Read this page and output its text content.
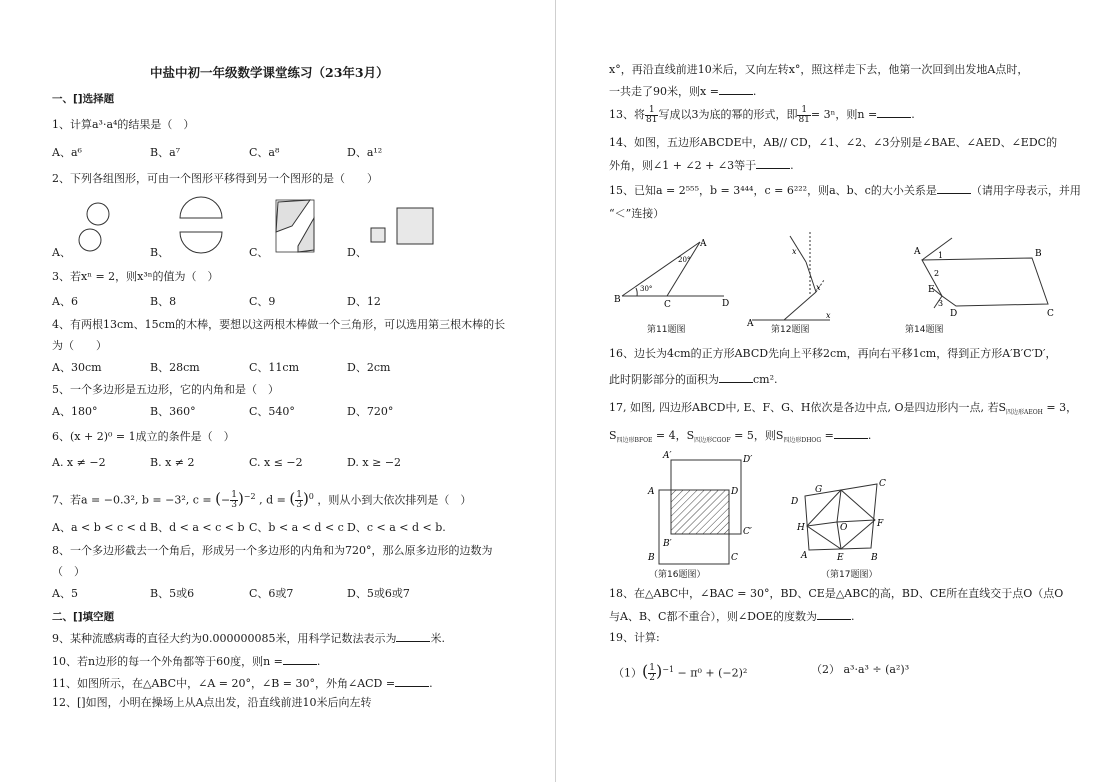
中盐中初一年级数学课堂练习（23年3月）
一、[]选择题
1、计算a³·a⁴的结果是（　）
A、a⁶	B、a⁷	C、a⁸	D、a¹²
2、下列各组图形，可由一个图形平移得到另一个图形的是（　　）
A、	B、	C、	D、
3、若xⁿ = 2，则x³ⁿ的值为（　）
A、6	B、8	C、9	D、12
4、有两根13cm、15cm的木棒，要想以这两根木棒做一个三角形，可以选用第三根木棒的长
为（　　）
A、30cm	B、28cm	C、11cm	D、2cm
5、一个多边形是五边形，它的内角和是（　）
A、180°	B、360°	C、540°	D、720°
6、(x + 2)⁰ = 1成立的条件是（　）
A. x ≠ −2	B. x ≠ 2	C. x ≤ −2	D. x ≥ −2
7、若a = −0.3², b = −3², c = (− $\frac{1}{3} )^{-2}$ , d = ( $\frac{1}{3} )^0$ ，则从小到大依次排列是（　）
A、a < b < c < d B、d < a < c < b C、b < a < d < c D、c < a < d < b.
8、一个多边形截去一个角后，形成另一个多边形的内角和为720°，那么原多边形的边数为
（　）
A、5	B、5或6	C、6或7	D、5或6或7
二、[]填空题
9、某种流感病毒的直径大约为0.000000085米，用科学记数法表示为	米.
10、若n边形的每一个外角都等于60度，则n =	.
11、如图所示，在△ABC中，∠A = 20°，∠B = 30°，外角∠ACD =	.
12、[]如图，小明在操场上从A点出发，沿直线前进10米后向左转
x°，再沿直线前进10米后，又向左转x°，照这样走下去，他第一次回到出发地A点时，
一共走了90米，则x =	.
13、将 $\frac{1}{81}$ 写成以3为底的幂的形式，即 $\frac{1}{81} = 3^n$，则n =	.
14、如图，五边形ABCDE中，AB// CD，∠1、∠2、∠3分别是∠BAE、∠AED、∠EDC的
外角，则∠1 + ∠2 + ∠3等于	.
15、已知a = 2⁵⁵⁵，b = 3⁴⁴⁴，c = 6²²²，则a、b、c的大小关系是	（请用字母表示，并用
“＜”连接）
B	C	D
A
20°
30°
A
x
x
x	A	B
C
D
E
1
2
3
第11题图	第12题图	第14题图
16、边长为4cm的正方形ABCD先向上平移2cm，再向右平移1cm，得到正方形A′B′C′D′，
此时阴影部分的面积为	cm².
17, 如图, 四边形ABCD中, E、F、G、H依次是各边中点, O是四边形内一点, 若$S_{四边形AEOH} = 3$，
$S_{四边形BFOE} = 4$，$S_{四边形CGOF} = 5$，则$S_{四边形DHOG}$ =	.
A′	D′
A	D
B′
C′
B	C
D
G
C
H	O	F
A	E	B
（第16题图）	（第17题图）
18、在△ABC中，∠BAC = 30°，BD、CE是△ABC的高，BD、CE所在直线交于点O（点O
与A、B、C都不重合），则∠DOE的度数为	.
19、计算:
$(1)( \frac{1}{2} )^{-1} - \pi^0 + (-2)^2$	（2） a³·a³ ÷ (a²)³
